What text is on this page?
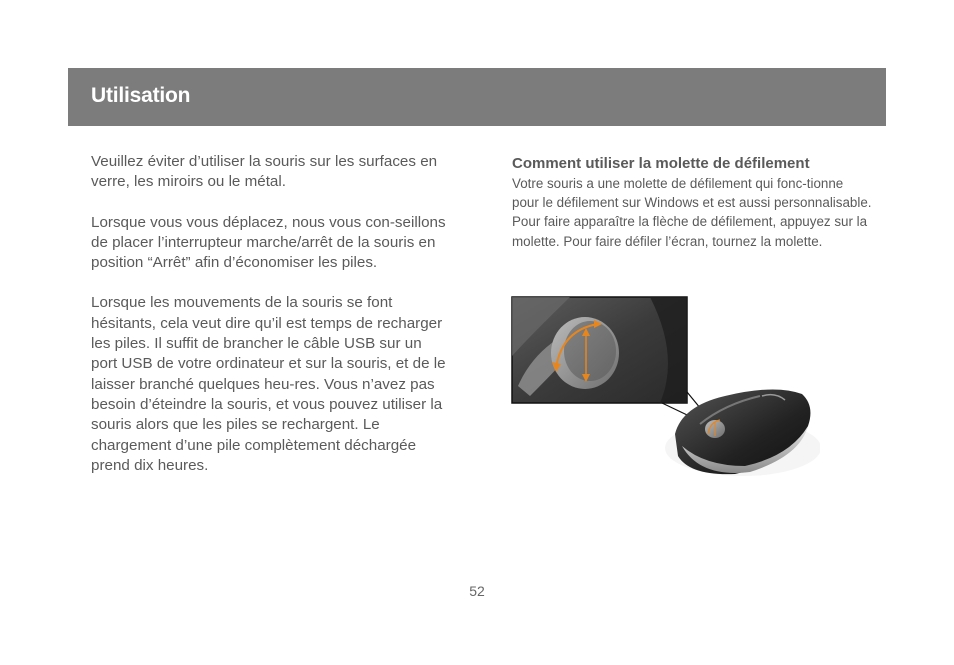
Utilisation

Veuillez éviter d’utiliser la souris sur les surfaces en verre, les miroirs ou le métal.

Lorsque vous vous déplacez, nous vous con-seillons de placer l’interrupteur marche/arrêt de la souris en position “Arrêt” afin d’économiser les piles.

Lorsque les mouvements de la souris se font hésitants, cela veut dire qu’il est temps de recharger les piles. Il suffit de brancher le câble USB sur un port USB de votre ordinateur et sur la souris, et de le laisser branché quelques heu-res. Vous n’avez pas besoin d’éteindre la souris, et vous pouvez utiliser la souris alors que les piles se rechargent. Le chargement d’une pile complètement déchargée prend dix heures.

Comment utiliser la molette de défilement

Votre souris a une molette de défilement qui fonc-tionne pour le défilement sur Windows et est aussi personnalisable. Pour faire apparaître la flèche de défilement, appuyez sur la molette. Pour faire défiler l’écran, tournez la molette.

52
